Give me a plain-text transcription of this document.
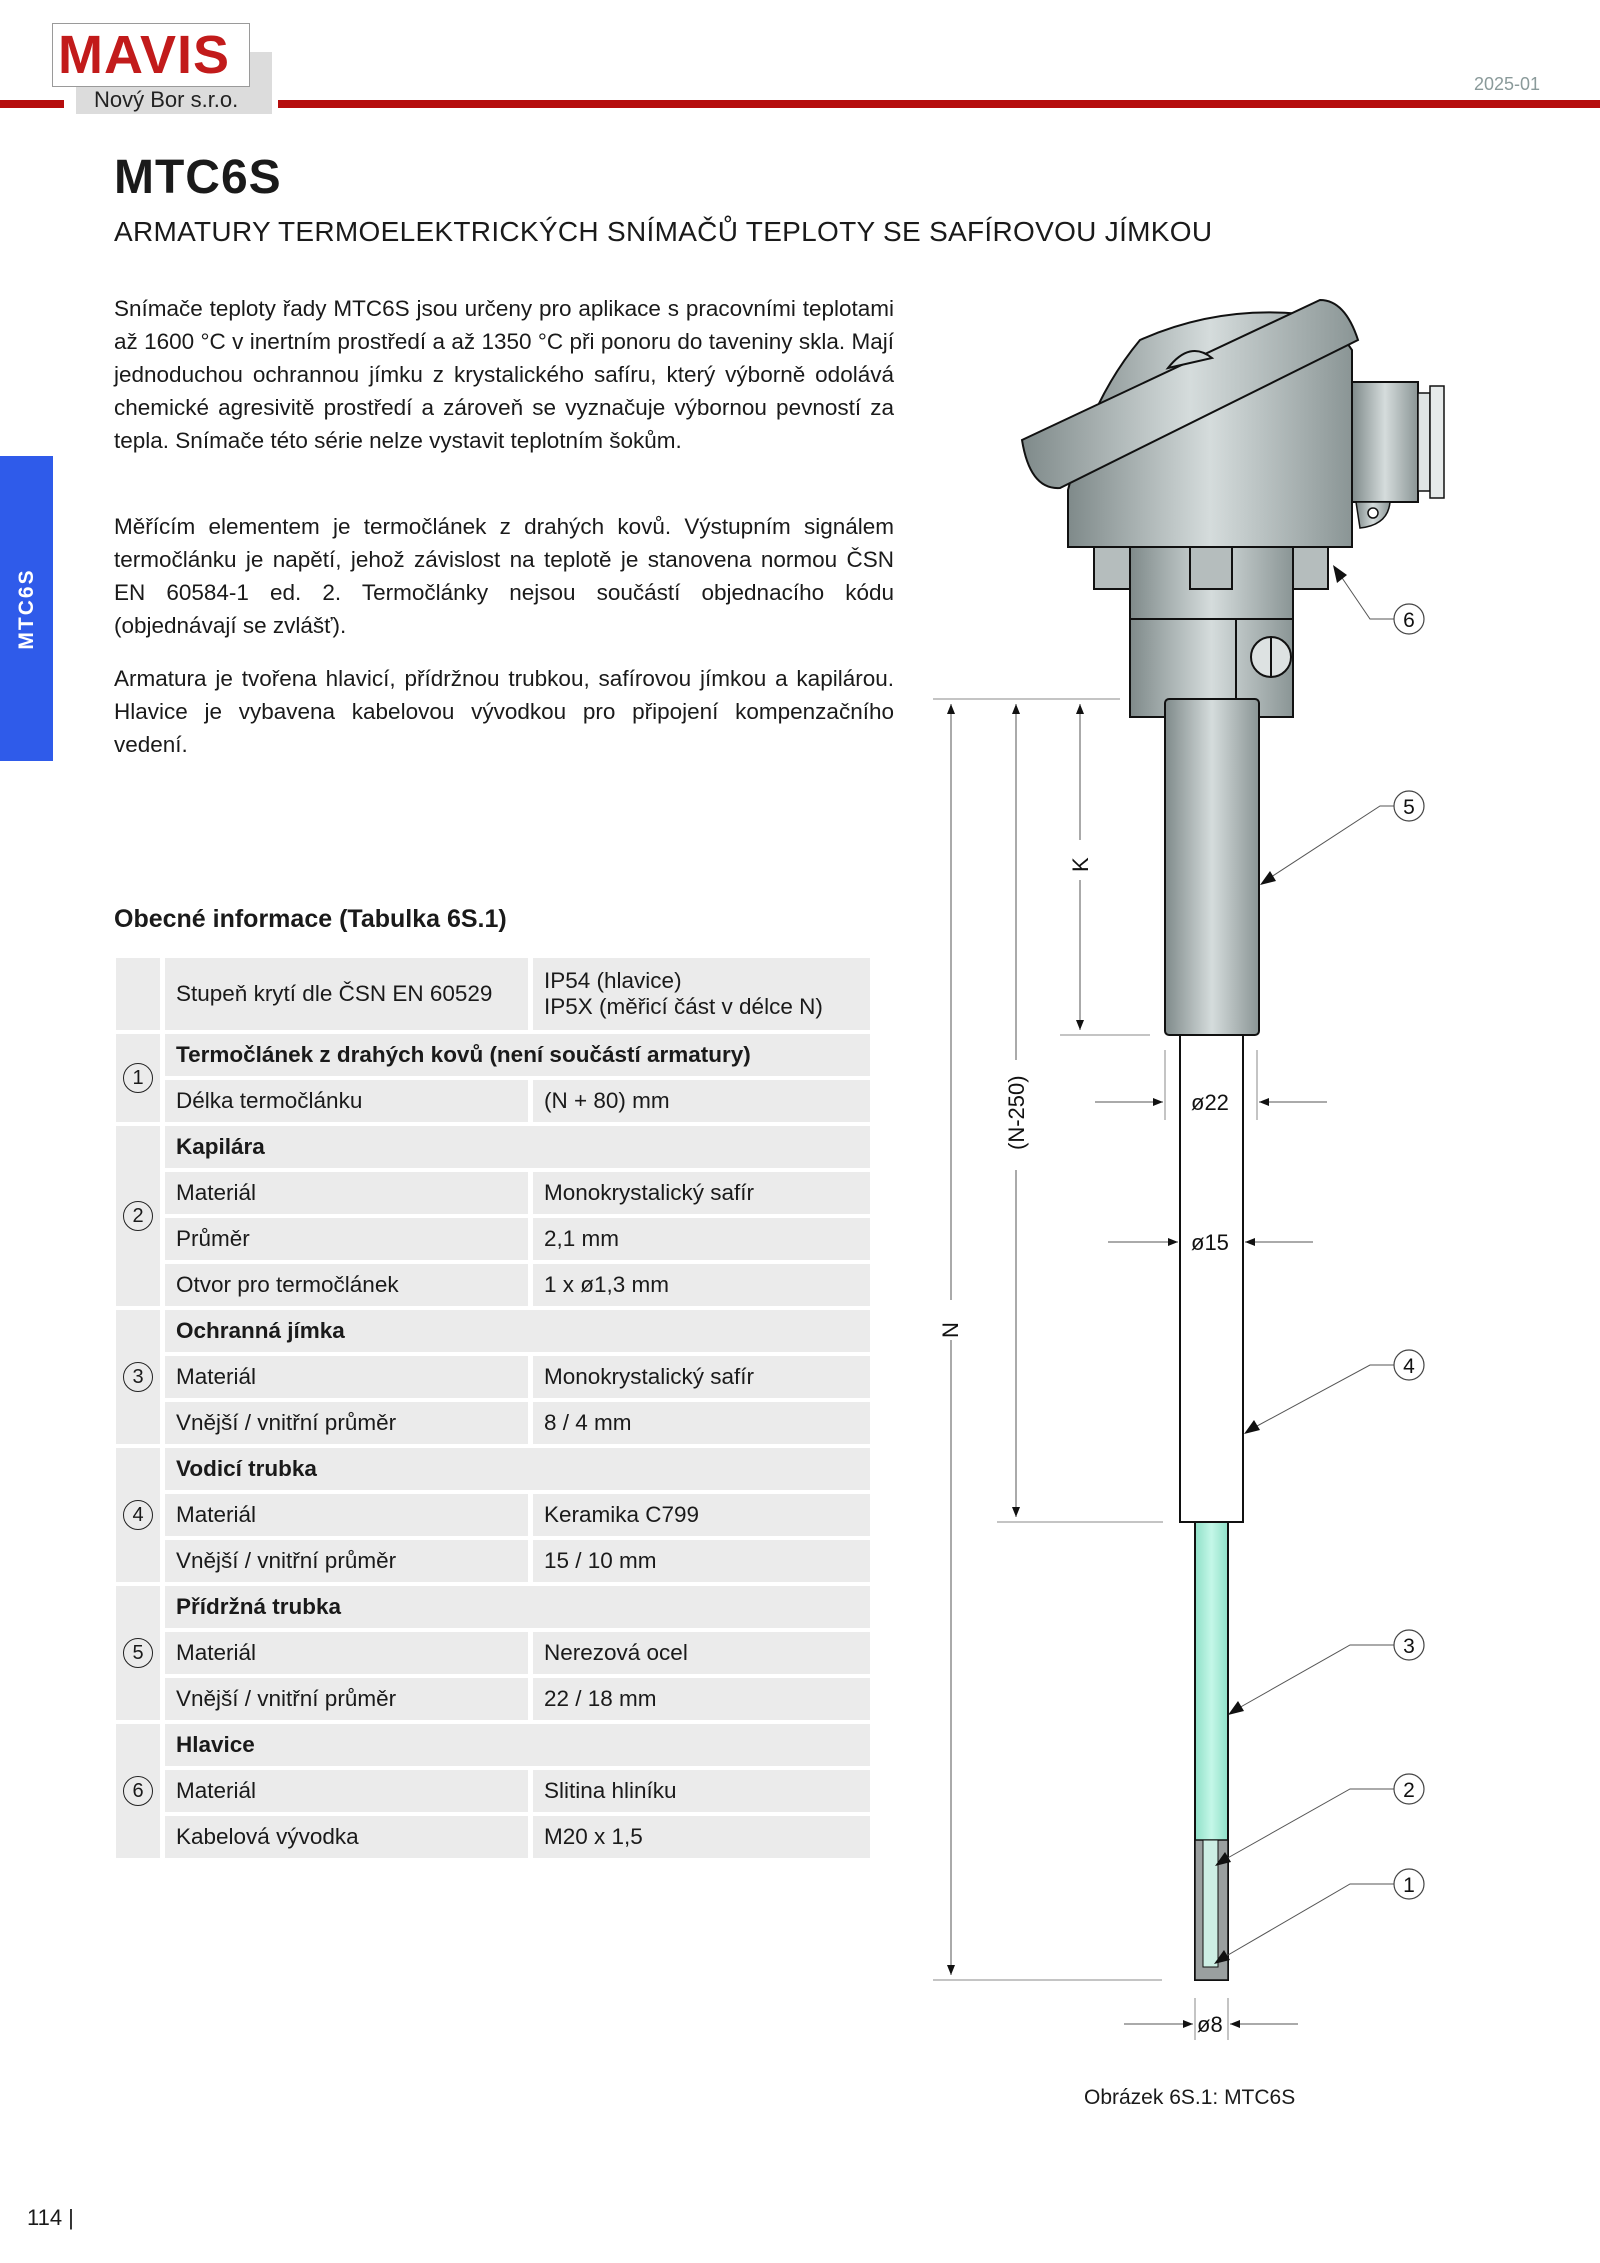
MAVIS
Nový Bor s.r.o.
2025-01
MTC6S
MTC6S
ARMATURY TERMOELEKTRICKÝCH SNÍMAČŮ TEPLOTY SE SAFÍROVOU JÍMKOU
Snímače teploty řady MTC6S jsou určeny pro aplikace s pracovními teplotami až 1600 °C v inertním prostředí a až 1350 °C při ponoru do taveniny skla. Mají jednoduchou ochrannou jímku z krystalického safíru, který výborně odolává chemické agresivitě prostředí a zároveň se vyznačuje výbornou pevností za tepla. Snímače této série nelze vystavit teplotním šokům.
Měřícím elementem je termočlánek z drahých kovů. Výstupním signálem termočlánku je napětí, jehož závislost na teplotě je stanovena normou ČSN EN 60584-1 ed. 2. Termočlánky nejsou součástí objednacího kódu (objednávají se zvlášť).
Armatura je tvořena hlavicí, přídržnou trubkou, safírovou jímkou a kapilárou. Hlavice je vybavena kabelovou vývodkou pro připojení kompenzačního vedení.
Obecné informace (Tabulka 6S.1)
Stupeň krytí dle ČSN EN 60529
IP54 (hlavice)
IP5X (měřicí část v délce N)
1
Termočlánek z drahých kovů (není součástí armatury)
Délka termočlánku	(N + 80) mm
2
Kapilára
Materiál	Monokrystalický safír
Průměr	2,1 mm
Otvor pro termočlánek	1 x ø1,3 mm
3
Ochranná jímka
Materiál	Monokrystalický safír
Vnější / vnitřní průměr	8 / 4 mm
4
Vodicí trubka
Materiál	Keramika C799
Vnější / vnitřní průměr	15 / 10 mm
5
Přídržná trubka
Materiál	Nerezová ocel
Vnější / vnitřní průměr	22 / 18 mm
6
Hlavice
Materiál	Slitina hliníku
Kabelová vývodka	M20 x 1,5
N
(N-250)
K
ø22
ø15
ø8
6
5
4
3
2
1
Obrázek 6S.1: MTC6S
114 |
